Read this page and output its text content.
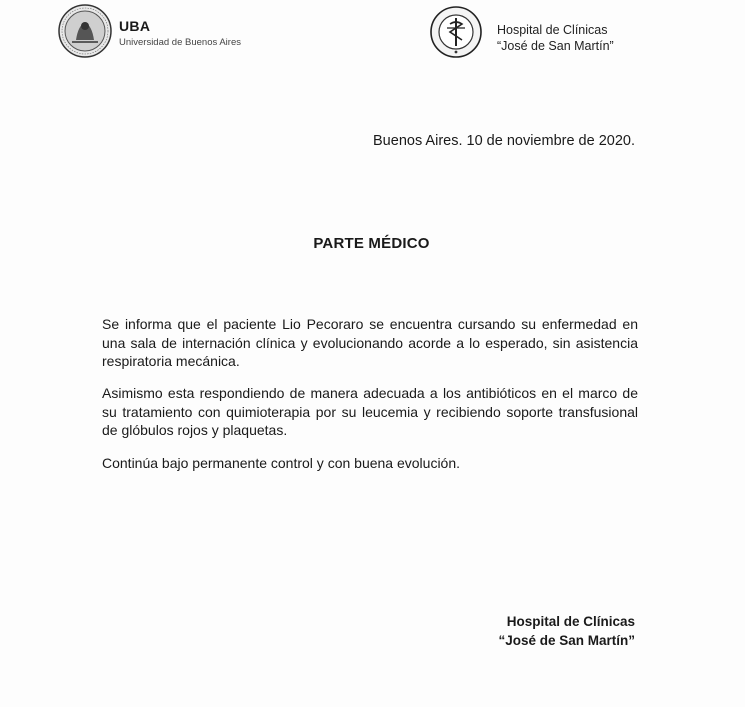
UBA
Universidad de Buenos Aires
Hospital de Clínicas
“José de San Martín”
Buenos Aires. 10 de noviembre de 2020.
PARTE MÉDICO

Se informa que el paciente Lio Pecoraro se encuentra cursando su enfermedad en una sala de internación clínica y evolucionando acorde a lo esperado, sin asistencia respiratoria mecánica.

Asimismo esta respondiendo de manera adecuada a los antibióticos en el marco de su tratamiento con quimioterapia por su leucemia y recibiendo soporte transfusional de glóbulos rojos y plaquetas.

Continúa bajo permanente control y con buena evolución.

Hospital de Clínicas
“José de San Martín”
